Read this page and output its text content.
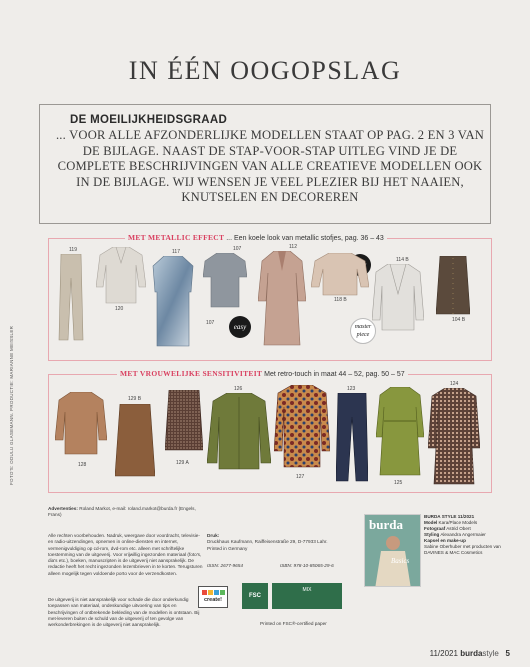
IN ÉÉN OOGOPSLAG
DE MOEILIJKHEIDSGRAAD
... VOOR ALLE AFZONDERLIJKE MODELLEN STAAT OP PAG. 2 EN 3 VAN DE BIJLAGE. NAAST DE STAP-VOOR-STAP UITLEG VIND JE DE COMPLETE BESCHRIJVINGEN VAN ALLE CREATIEVE MODELLEN OOK IN DE BIJLAGE. WIJ WENSEN JE VEEL PLEZIER BIJ HET NAAIEN, KNUTSELEN EN DECOREREN
MET METALLIC EFFECT ... Een koele look van metallic stofjes, pag. 36 – 43
119
120
117	107
107	easy
112
118 B
114 B
master piece
104 B
MET VROUWELIJKE SENSITIVITEIT Met retro-touch in maat 44 – 52, pag. 50 – 57
128
129 B
129 A
126
127
123
125
124
FOTO'S: ODULU GLASEMANN. PRODUCTIE: MARIANNE MEISSLER
Advertenties: Roland Markot, e-mail: roland.markot@burda.fr (Engels, Frans)
Alle rechten voorbehouden. Nadruk, weergave door voordracht, televisie- en radio-uitzendingen, opnemen in online-diensten en internet, vermenigvuldiging op cd-rom, dvd-rom etc. alleen met schriftelijke toestemming van de uitgeverij. Voor vrijwillig ingezonden materiaal (foto's, dia's etc.), boeken, manuscripten is de uitgeverij niet aansprakelijk. De redactie heeft het recht ingezonden lezersbrieven in te korten. Terugsturen alleen mogelijk tegen voldoende porto voor de verzendkosten.
De uitgeverij is niet aansprakelijk voor schade die door onderkundig toepassen van materiaal, ondeskundige uitvoering van tips en beschrijvingen of ontbrekende bekleding van de modellen is ontstaan. Bij met-leveren buiten de schuld van de uitgeverij of ten gevolge van werkonderbrekingen is de uitgeverij niet aansprakelijk.
Druk:
Druckhaus Kaufmann, Raiffeisenstraße 29, D-77933 Lahr. Printed in Germany
ISSN: 2677-9654	ISBN: 978-10-85065-29-6
create!
FSC
MIX
Printed on FSC®-certified paper
burda
Basics
BURDA STYLE 11/2021
Model Kara/Place Models
Fotograaf Astrid Obert
Styling Alexandra Angermaier
Kapsel en make-up
Sabine Oberhuber met producten van DAVINES & MAC Cosmetics
11/2021 burdastyle 5
